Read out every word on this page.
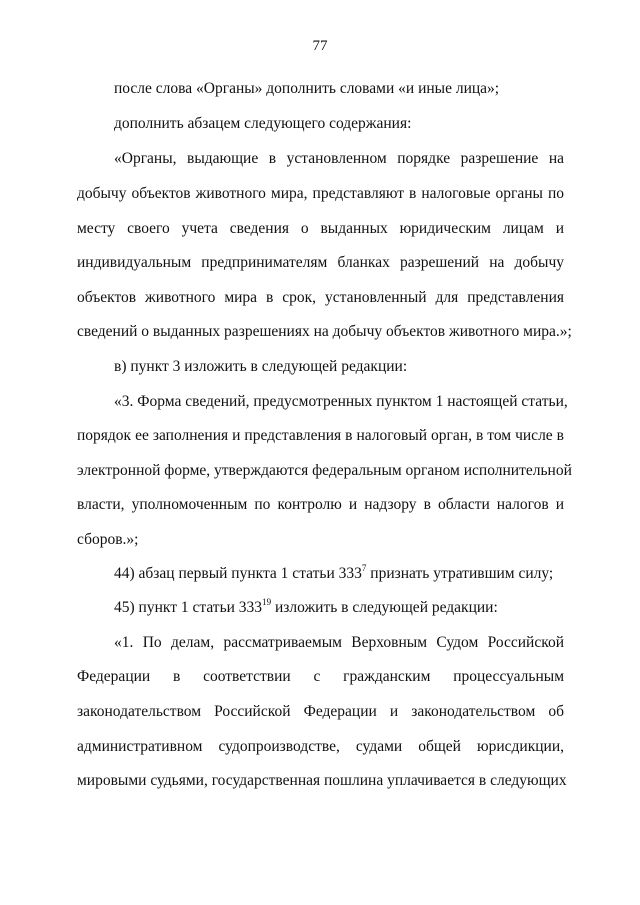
77
после слова «Органы» дополнить словами «и иные лица»;
дополнить абзацем следующего содержания:
«Органы, выдающие в установленном порядке разрешение на
добычу объектов животного мира, представляют в налоговые органы по
месту своего учета сведения о выданных юридическим лицам и
индивидуальным предпринимателям бланках разрешений на добычу
объектов животного мира в срок, установленный для представления
сведений о выданных разрешениях на добычу объектов животного мира.»;
в) пункт 3 изложить в следующей редакции:
«3. Форма сведений, предусмотренных пунктом 1 настоящей статьи,
порядок ее заполнения и представления в налоговый орган, в том числе в
электронной форме, утверждаются федеральным органом исполнительной
власти, уполномоченным по контролю и надзору в области налогов и
сборов.»;
44) абзац первый пункта 1 статьи $333^7$ признать утратившим силу;
45) пункт 1 статьи $333^{19}$ изложить в следующей редакции:
«1. По делам, рассматриваемым Верховным Судом Российской
Федерации в соответствии с гражданским процессуальным
законодательством Российской Федерации и законодательством об
административном судопроизводстве, судами общей юрисдикции,
мировыми судьями, государственная пошлина уплачивается в следующих
